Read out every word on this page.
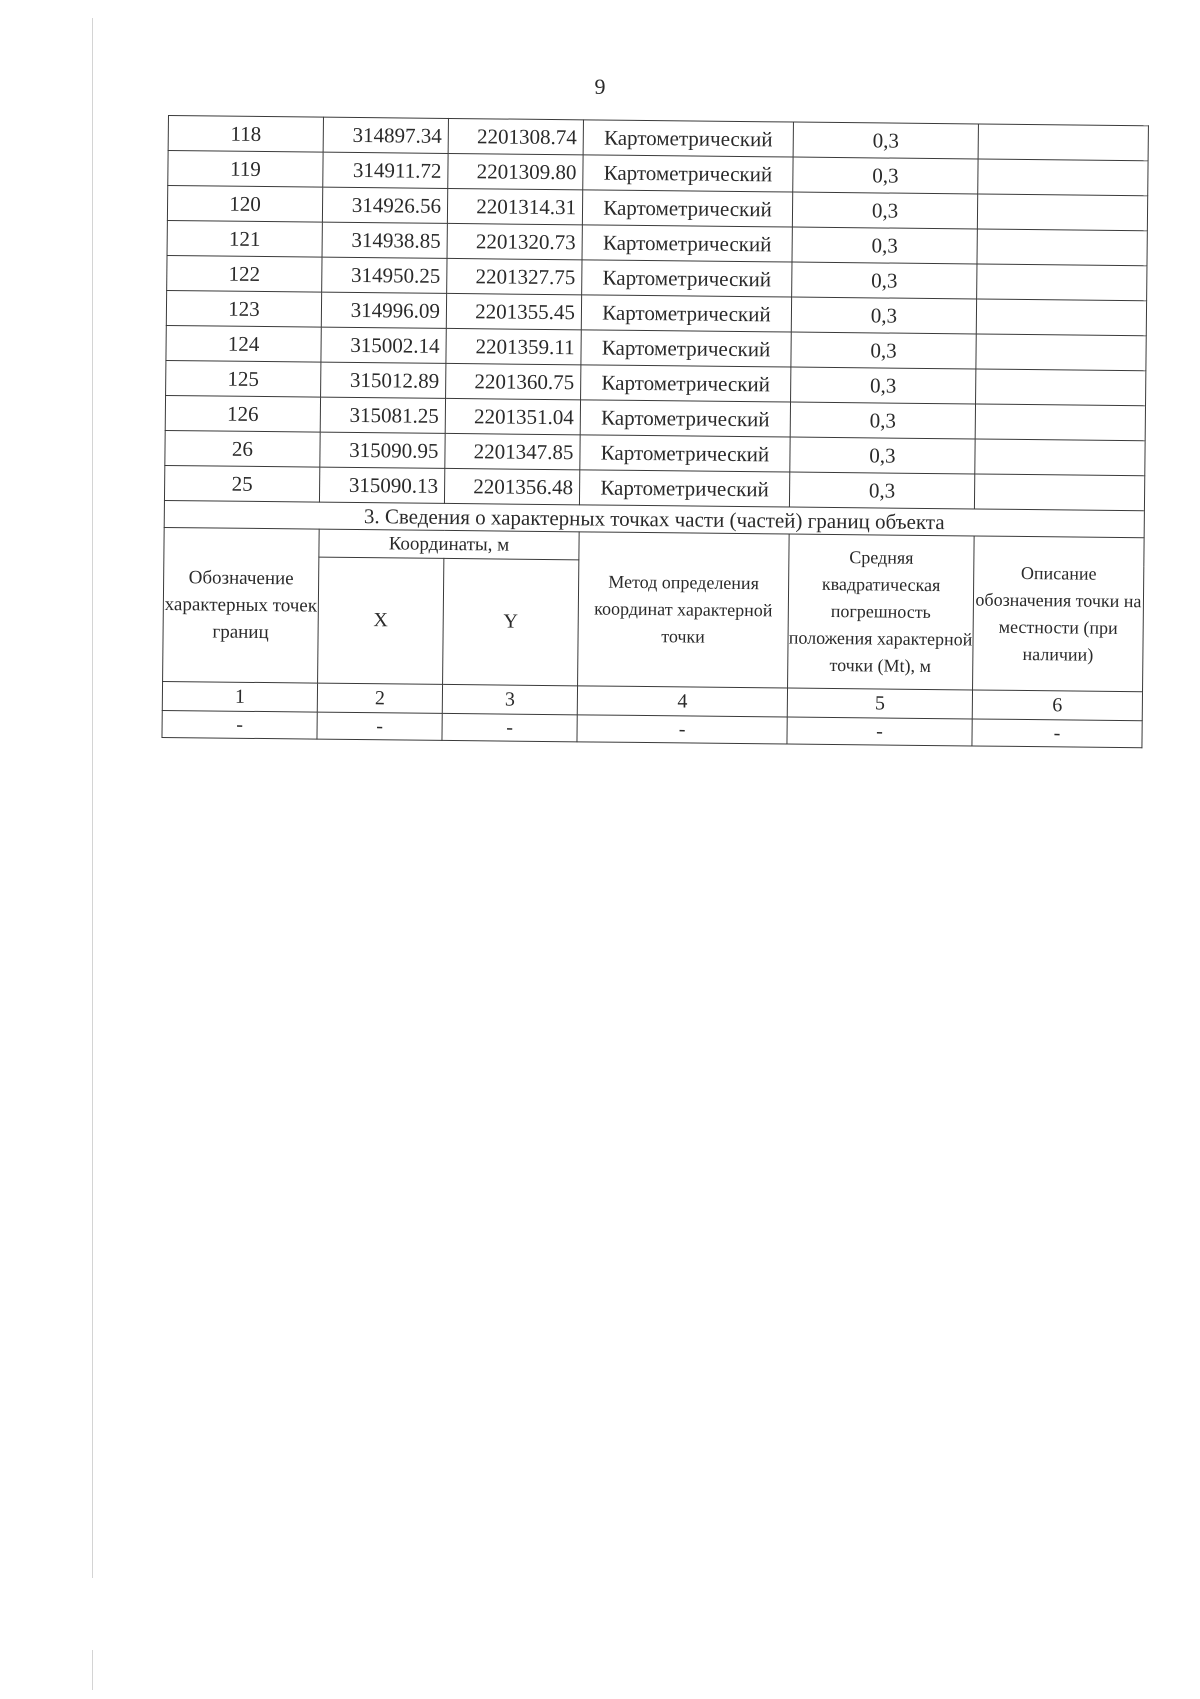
9
118	314897.34	2201308.74	Картометрический	0,3	
119	314911.72	2201309.80	Картометрический	0,3	
120	314926.56	2201314.31	Картометрический	0,3	
121	314938.85	2201320.73	Картометрический	0,3	
122	314950.25	2201327.75	Картометрический	0,3	
123	314996.09	2201355.45	Картометрический	0,3	
124	315002.14	2201359.11	Картометрический	0,3	
125	315012.89	2201360.75	Картометрический	0,3	
126	315081.25	2201351.04	Картометрический	0,3	
26	315090.95	2201347.85	Картометрический	0,3	
25	315090.13	2201356.48	Картометрический	0,3	
3. Сведения о характерных точках части (частей) границ объекта					
Обозначение характерных точек границ	Координаты, м		Метод определения координат характерной точки	Средняя квадратическая погрешность положения характерной точки (Mt), м	Описание обозначения точки на местности (при наличии)
	X	Y			
1	2	3	4	5	6
-	-	-	-	-	-
